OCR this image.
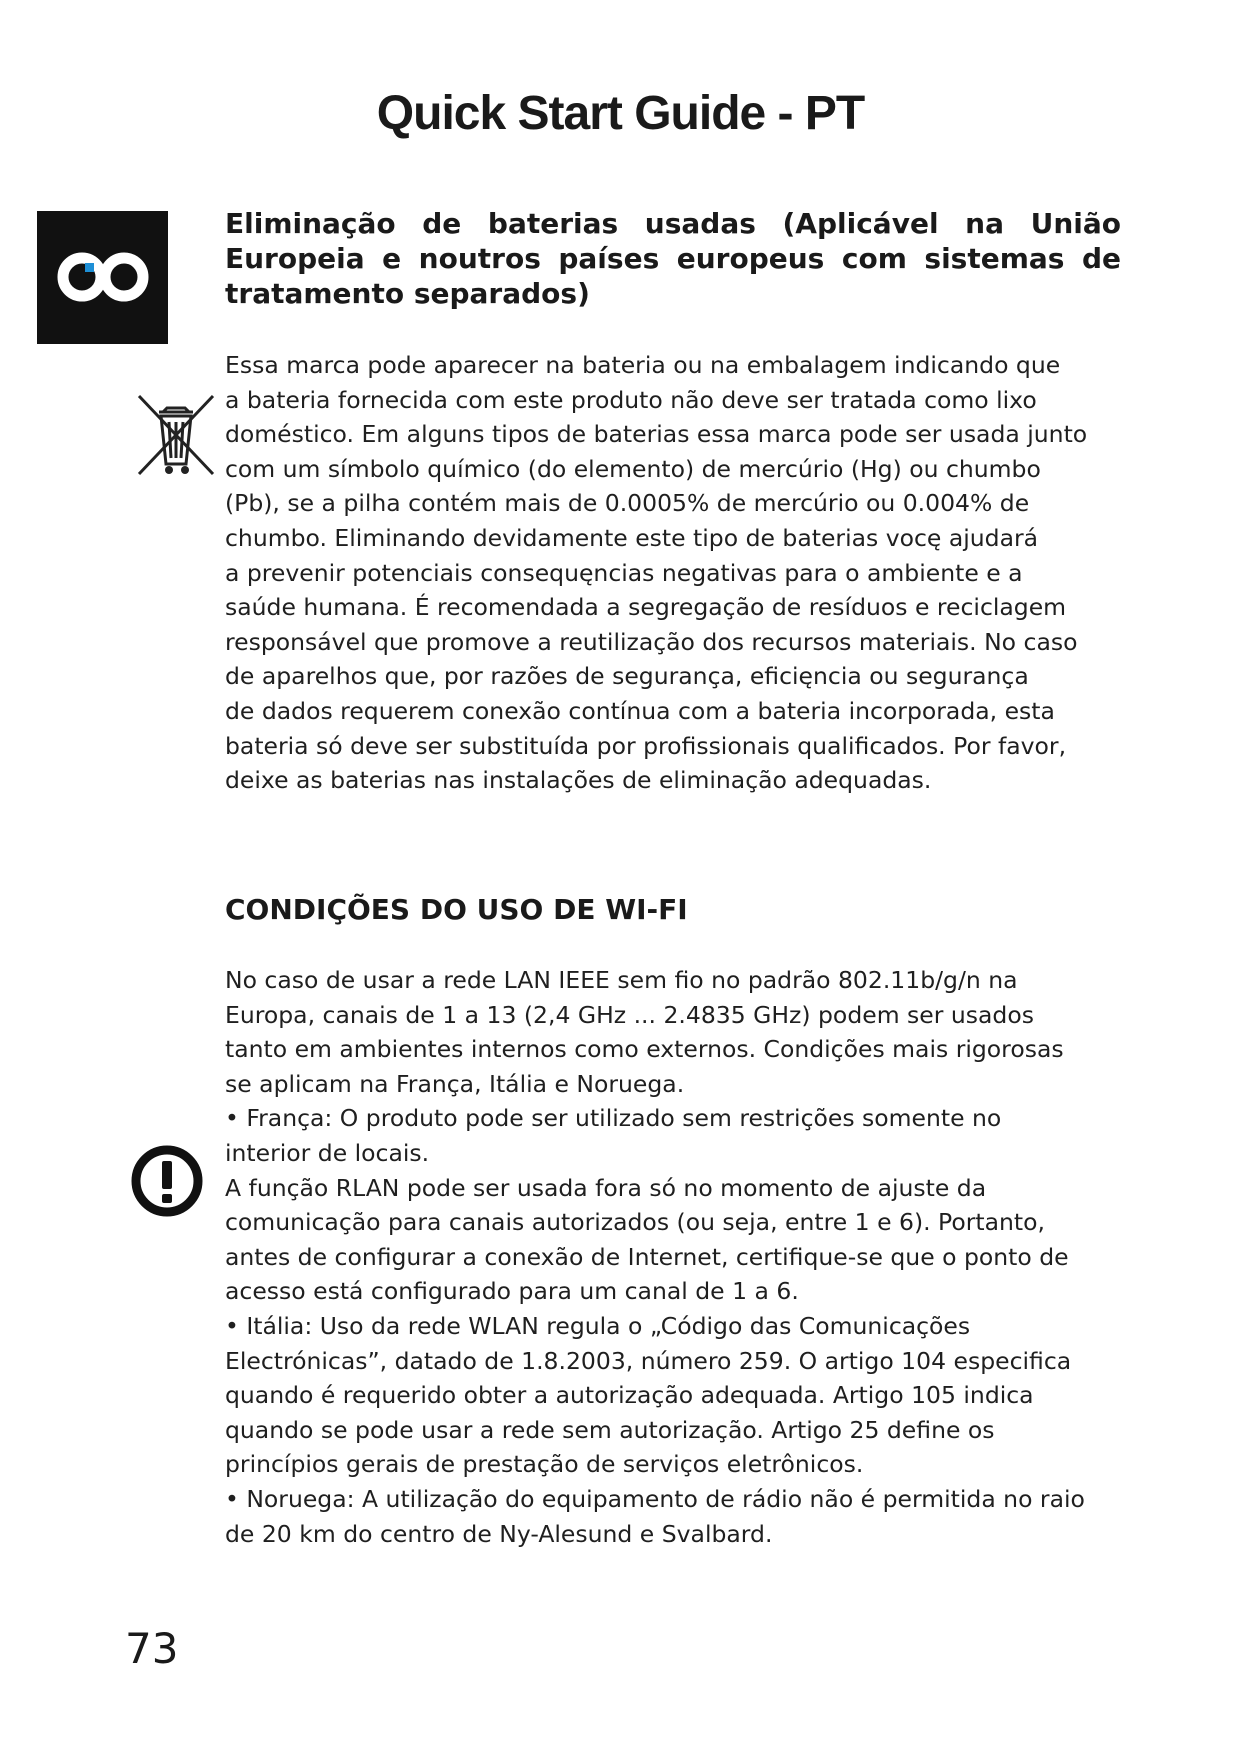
Quick Start Guide - PT
Eliminação de baterias usadas (Aplicável na União
Europeia e noutros países europeus com sistemas de
tratamento separados)
Essa marca pode aparecer na bateria ou na embalagem indicando que
a bateria fornecida com este produto não deve ser tratada como lixo
doméstico. Em alguns tipos de baterias essa marca pode ser usada junto
com um símbolo químico (do elemento) de mercúrio (Hg) ou chumbo
(Pb), se a pilha contém mais de 0.0005% de mercúrio ou 0.004% de
chumbo. Eliminando devidamente este tipo de baterias vocę ajudará
a prevenir potenciais consequęncias negativas para o ambiente e a
saúde humana. É recomendada a segregação de resíduos e reciclagem
responsável que promove a reutilização dos recursos materiais. No caso
de aparelhos que, por razões de segurança, eficięncia ou segurança
de dados requerem conexão contínua com a bateria incorporada, esta
bateria só deve ser substituída por profissionais qualificados. Por favor,
deixe as baterias nas instalações de eliminação adequadas.
CONDIÇÕES DO USO DE WI-FI
No caso de usar a rede LAN IEEE sem fio no padrão 802.11b/g/n na
Europa, canais de 1 a 13 (2,4 GHz ... 2.4835 GHz) podem ser usados
tanto em ambientes internos como externos. Condições mais rigorosas
se aplicam na França, Itália e Noruega.
• França: O produto pode ser utilizado sem restrições somente no
interior de locais.
A função RLAN pode ser usada fora só no momento de ajuste da
comunicação para canais autorizados (ou seja, entre 1 e 6). Portanto,
antes de configurar a conexão de Internet, certifique-se que o ponto de
acesso está configurado para um canal de 1 a 6.
• Itália: Uso da rede WLAN regula o „Código das Comunicações
Electrónicas”, datado de 1.8.2003, número 259. O artigo 104 especifica
quando é requerido obter a autorização adequada. Artigo 105 indica
quando se pode usar a rede sem autorização. Artigo 25 define os
princípios gerais de prestação de serviços eletrônicos.
• Noruega: A utilização do equipamento de rádio não é permitida no raio
de 20 km do centro de Ny-Alesund e Svalbard.
73
